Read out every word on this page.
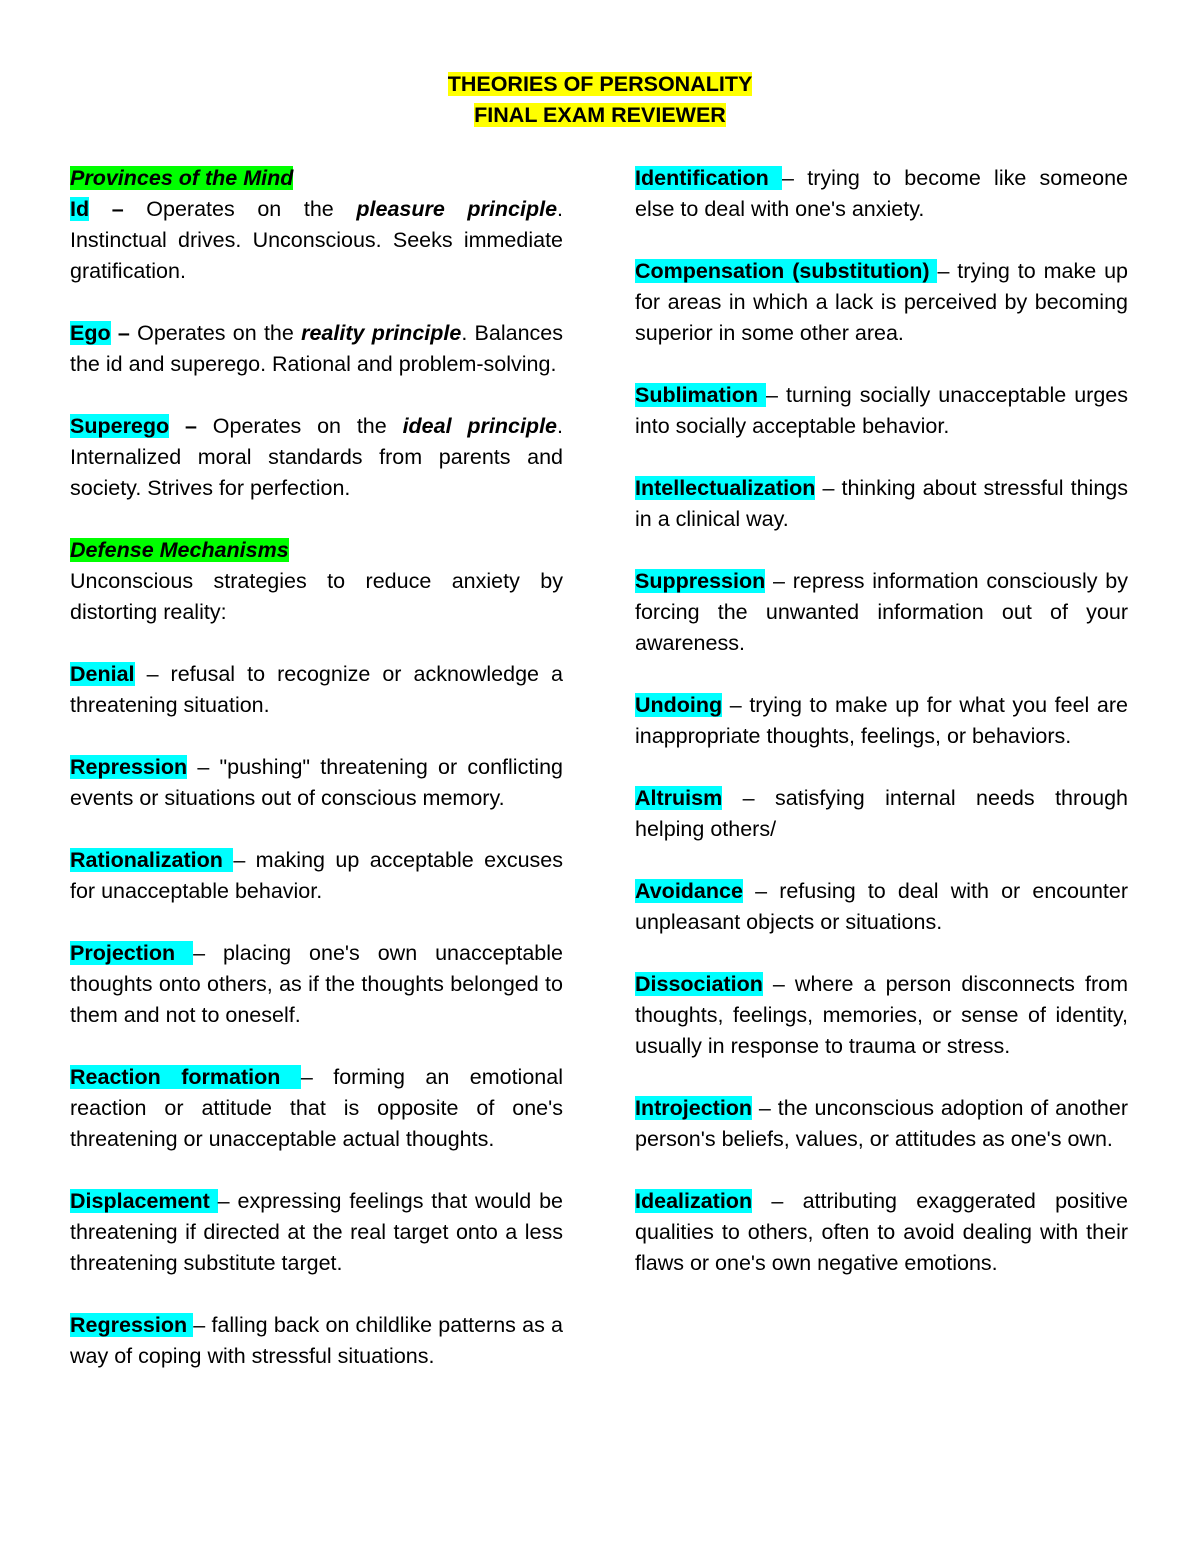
THEORIES OF PERSONALITY
FINAL EXAM REVIEWER
Provinces of the Mind
Id – Operates on the pleasure principle. Instinctual drives. Unconscious. Seeks immediate gratification.
Ego – Operates on the reality principle. Balances the id and superego. Rational and problem-solving.
Superego – Operates on the ideal principle. Internalized moral standards from parents and society. Strives for perfection.
Defense Mechanisms
Unconscious strategies to reduce anxiety by distorting reality:
Denial – refusal to recognize or acknowledge a threatening situation.
Repression – "pushing" threatening or conflicting events or situations out of conscious memory.
Rationalization – making up acceptable excuses for unacceptable behavior.
Projection – placing one's own unacceptable thoughts onto others, as if the thoughts belonged to them and not to oneself.
Reaction formation – forming an emotional reaction or attitude that is opposite of one's threatening or unacceptable actual thoughts.
Displacement – expressing feelings that would be threatening if directed at the real target onto a less threatening substitute target.
Regression – falling back on childlike patterns as a way of coping with stressful situations.
Identification – trying to become like someone else to deal with one's anxiety.
Compensation (substitution) – trying to make up for areas in which a lack is perceived by becoming superior in some other area.
Sublimation – turning socially unacceptable urges into socially acceptable behavior.
Intellectualization – thinking about stressful things in a clinical way.
Suppression – repress information consciously by forcing the unwanted information out of your awareness.
Undoing – trying to make up for what you feel are inappropriate thoughts, feelings, or behaviors.
Altruism – satisfying internal needs through helping others/
Avoidance – refusing to deal with or encounter unpleasant objects or situations.
Dissociation – where a person disconnects from thoughts, feelings, memories, or sense of identity, usually in response to trauma or stress.
Introjection – the unconscious adoption of another person's beliefs, values, or attitudes as one's own.
Idealization – attributing exaggerated positive qualities to others, often to avoid dealing with their flaws or one's own negative emotions.
